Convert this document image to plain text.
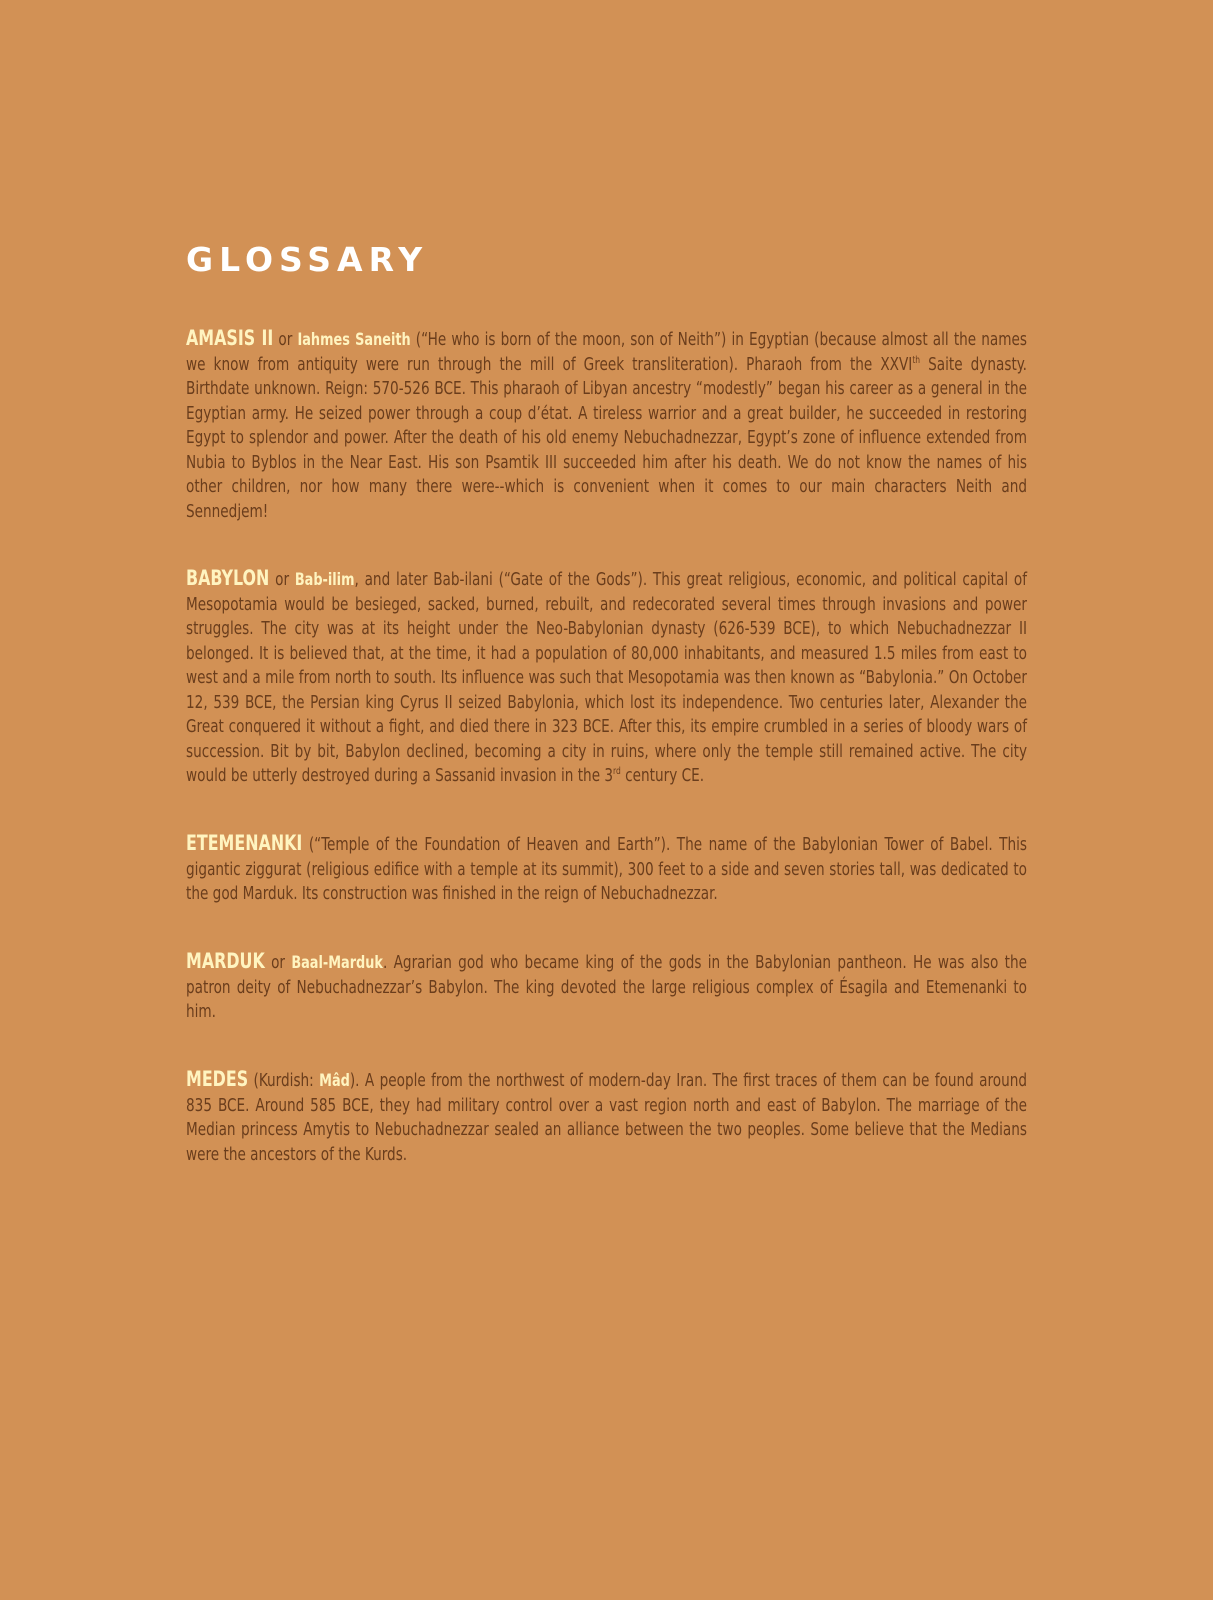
GLOSSARY

AMASIS II or Iahmes Saneith (“He who is born of the moon, son of Neith”) in Egyptian (because almost all the names we know from antiquity were run through the mill of Greek transliteration). Pharaoh from the XXVIth Saite dynasty. Birthdate unknown. Reign: 570-526 BCE. This pharaoh of Libyan ancestry “modestly” began his career as a general in the Egyptian army. He seized power through a coup d’état. A tireless warrior and a great builder, he succeeded in restoring Egypt to splendor and power. After the death of his old enemy Nebuchadnezzar, Egypt’s zone of influence extended from Nubia to Byblos in the Near East. His son Psamtik III succeeded him after his death. We do not know the names of his other children, nor how many there were--which is convenient when it comes to our main characters Neith and Sennedjem!

BABYLON or Bab-ilim, and later Bab-ilani (“Gate of the Gods”). This great religious, economic, and political capital of Mesopotamia would be besieged, sacked, burned, rebuilt, and redecorated several times through invasions and power struggles. The city was at its height under the Neo-Babylonian dynasty (626-539 BCE), to which Nebuchadnezzar II belonged. It is believed that, at the time, it had a population of 80,000 inhabitants, and measured 1.5 miles from east to west and a mile from north to south. Its influence was such that Mesopotamia was then known as “Babylonia.” On October 12, 539 BCE, the Persian king Cyrus II seized Babylonia, which lost its independence. Two centuries later, Alexander the Great conquered it without a fight, and died there in 323 BCE. After this, its empire crumbled in a series of bloody wars of succession. Bit by bit, Babylon declined, becoming a city in ruins, where only the temple still remained active. The city would be utterly destroyed during a Sassanid invasion in the 3rd century CE.

ETEMENANKI (“Temple of the Foundation of Heaven and Earth”). The name of the Babylonian Tower of Babel. This gigantic ziggurat (religious edifice with a temple at its summit), 300 feet to a side and seven stories tall, was dedicated to the god Marduk. Its construction was finished in the reign of Nebuchadnezzar.

MARDUK or Baal-Marduk. Agrarian god who became king of the gods in the Babylonian pantheon. He was also the patron deity of Nebuchadnezzar’s Babylon. The king devoted the large religious complex of Ésagila and Etemenanki to him.

MEDES (Kurdish: Mâd). A people from the northwest of modern-day Iran. The first traces of them can be found around 835 BCE. Around 585 BCE, they had military control over a vast region north and east of Babylon. The marriage of the Median princess Amytis to Nebuchadnezzar sealed an alliance between the two peoples. Some believe that the Medians were the ancestors of the Kurds.
